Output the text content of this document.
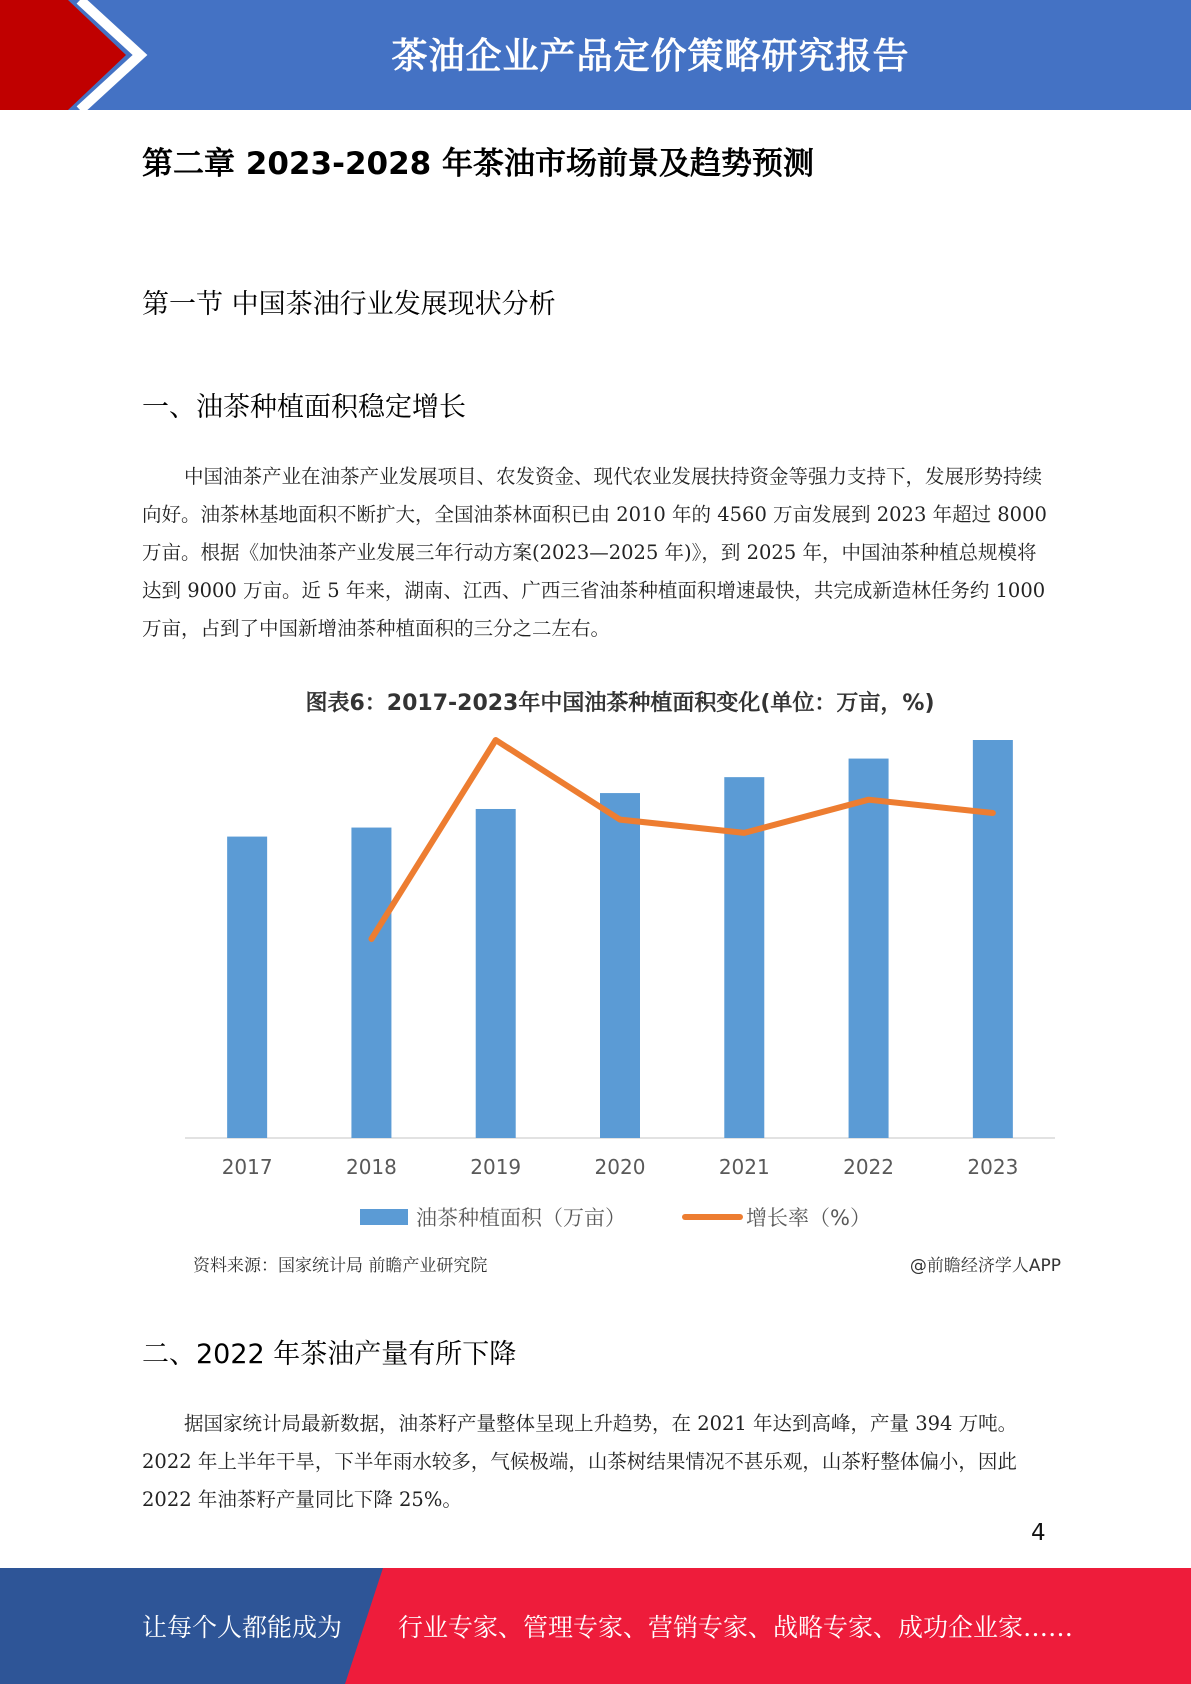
茶油企业产品定价策略研究报告
第二章 2023-2028 年茶油市场前景及趋势预测
第一节 中国茶油行业发展现状分析
一、油茶种植面积稳定增长

中国油茶产业在油茶产业发展项目、农发资金、现代农业发展扶持资金等强力支持下，发展形势持续向好。油茶林基地面积不断扩大，全国油茶林面积已由 2010 年的 4560 万亩发展到 2023 年超过 8000 万亩。根据《加快油茶产业发展三年行动方案(2023—2025 年)》，到 2025 年，中国油茶种植总规模将达到 9000 万亩。近 5 年来，湖南、江西、广西三省油茶种植面积增速最快，共完成新造林任务约 1000 万亩，占到了中国新增油茶种植面积的三分之二左右。

图表6：2017-2023年中国油茶种植面积变化(单位：万亩，%)
2017	2018	2019	2020	2021	2022	2023
油茶种植面积（万亩）	增长率（%）
资料来源：国家统计局 前瞻产业研究院	@前瞻经济学人APP
二、2022 年茶油产量有所下降

据国家统计局最新数据，油茶籽产量整体呈现上升趋势，在 2021 年达到高峰，产量 394 万吨。2022 年上半年干旱，下半年雨水较多，气候极端，山茶树结果情况不甚乐观，山茶籽整体偏小，因此 2022 年油茶籽产量同比下降 25%。

4
让每个人都能成为 行业专家、管理专家、营销专家、战略专家、成功企业家……
